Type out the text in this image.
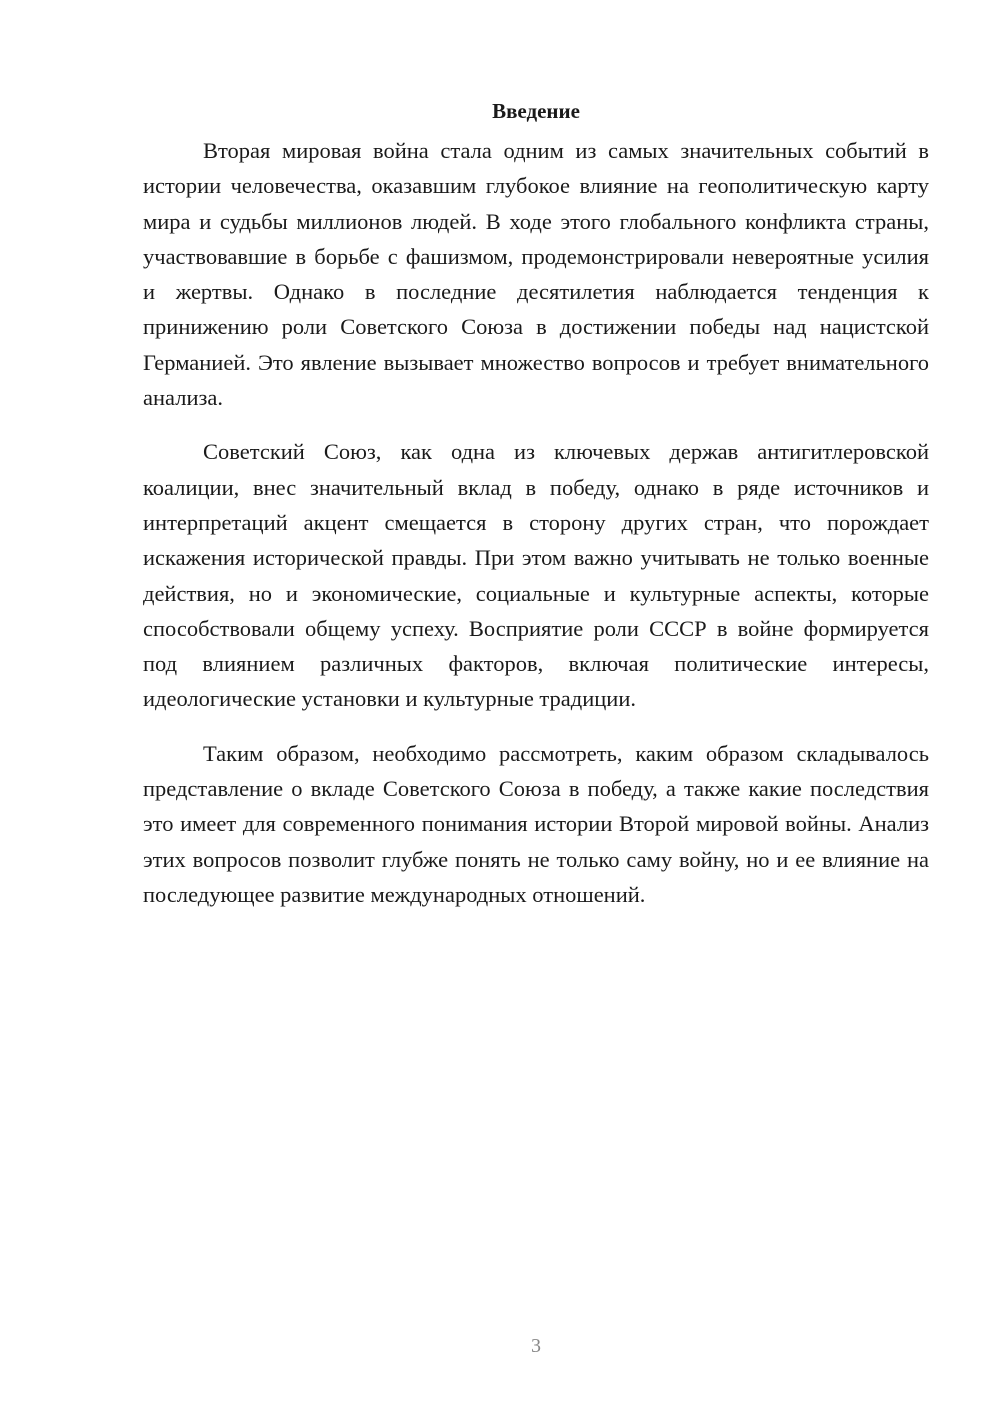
Введение

Вторая мировая война стала одним из самых значительных событий в истории человечества, оказавшим глубокое влияние на геополитическую карту мира и судьбы миллионов людей. В ходе этого глобального конфликта страны, участвовавшие в борьбе с фашизмом, продемонстрировали невероятные усилия и жертвы. Однако в последние десятилетия наблюдается тенденция к принижению роли Советского Союза в достижении победы над нацистской Германией. Это явление вызывает множество вопросов и требует внимательного анализа.

Советский Союз, как одна из ключевых держав антигитлеровской коалиции, внес значительный вклад в победу, однако в ряде источников и интерпретаций акцент смещается в сторону других стран, что порождает искажения исторической правды. При этом важно учитывать не только военные действия, но и экономические, социальные и культурные аспекты, которые способствовали общему успеху. Восприятие роли СССР в войне формируется под влиянием различных факторов, включая политические интересы, идеологические установки и культурные традиции.

Таким образом, необходимо рассмотреть, каким образом складывалось представление о вкладе Советского Союза в победу, а также какие последствия это имеет для современного понимания истории Второй мировой войны. Анализ этих вопросов позволит глубже понять не только саму войну, но и ее влияние на последующее развитие международных отношений.

3
